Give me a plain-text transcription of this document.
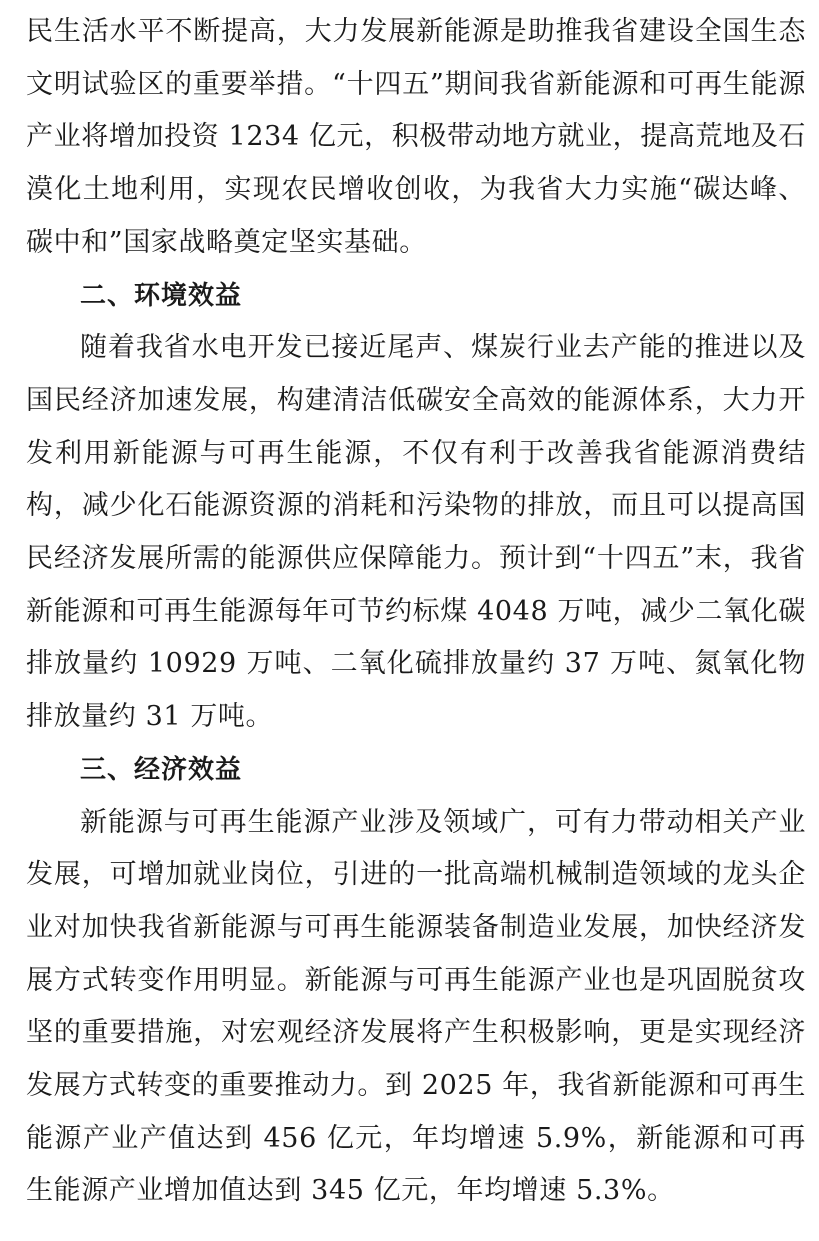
民生活水平不断提高，大力发展新能源是助推我省建设全国生态文明试验区的重要举措。“十四五”期间我省新能源和可再生能源产业将增加投资 1234 亿元，积极带动地方就业，提高荒地及石漠化土地利用，实现农民增收创收，为我省大力实施“碳达峰、碳中和”国家战略奠定坚实基础。

二、环境效益

随着我省水电开发已接近尾声、煤炭行业去产能的推进以及国民经济加速发展，构建清洁低碳安全高效的能源体系，大力开发利用新能源与可再生能源，不仅有利于改善我省能源消费结构，减少化石能源资源的消耗和污染物的排放，而且可以提高国民经济发展所需的能源供应保障能力。预计到“十四五”末，我省新能源和可再生能源每年可节约标煤 4048 万吨，减少二氧化碳排放量约 10929 万吨、二氧化硫排放量约 37 万吨、氮氧化物排放量约 31 万吨。

三、经济效益

新能源与可再生能源产业涉及领域广，可有力带动相关产业发展，可增加就业岗位，引进的一批高端机械制造领域的龙头企业对加快我省新能源与可再生能源装备制造业发展，加快经济发展方式转变作用明显。新能源与可再生能源产业也是巩固脱贫攻坚的重要措施，对宏观经济发展将产生积极影响，更是实现经济发展方式转变的重要推动力。到 2025 年，我省新能源和可再生能源产业产值达到 456 亿元，年均增速 5.9%，新能源和可再生能源产业增加值达到 345 亿元，年均增速 5.3%。
